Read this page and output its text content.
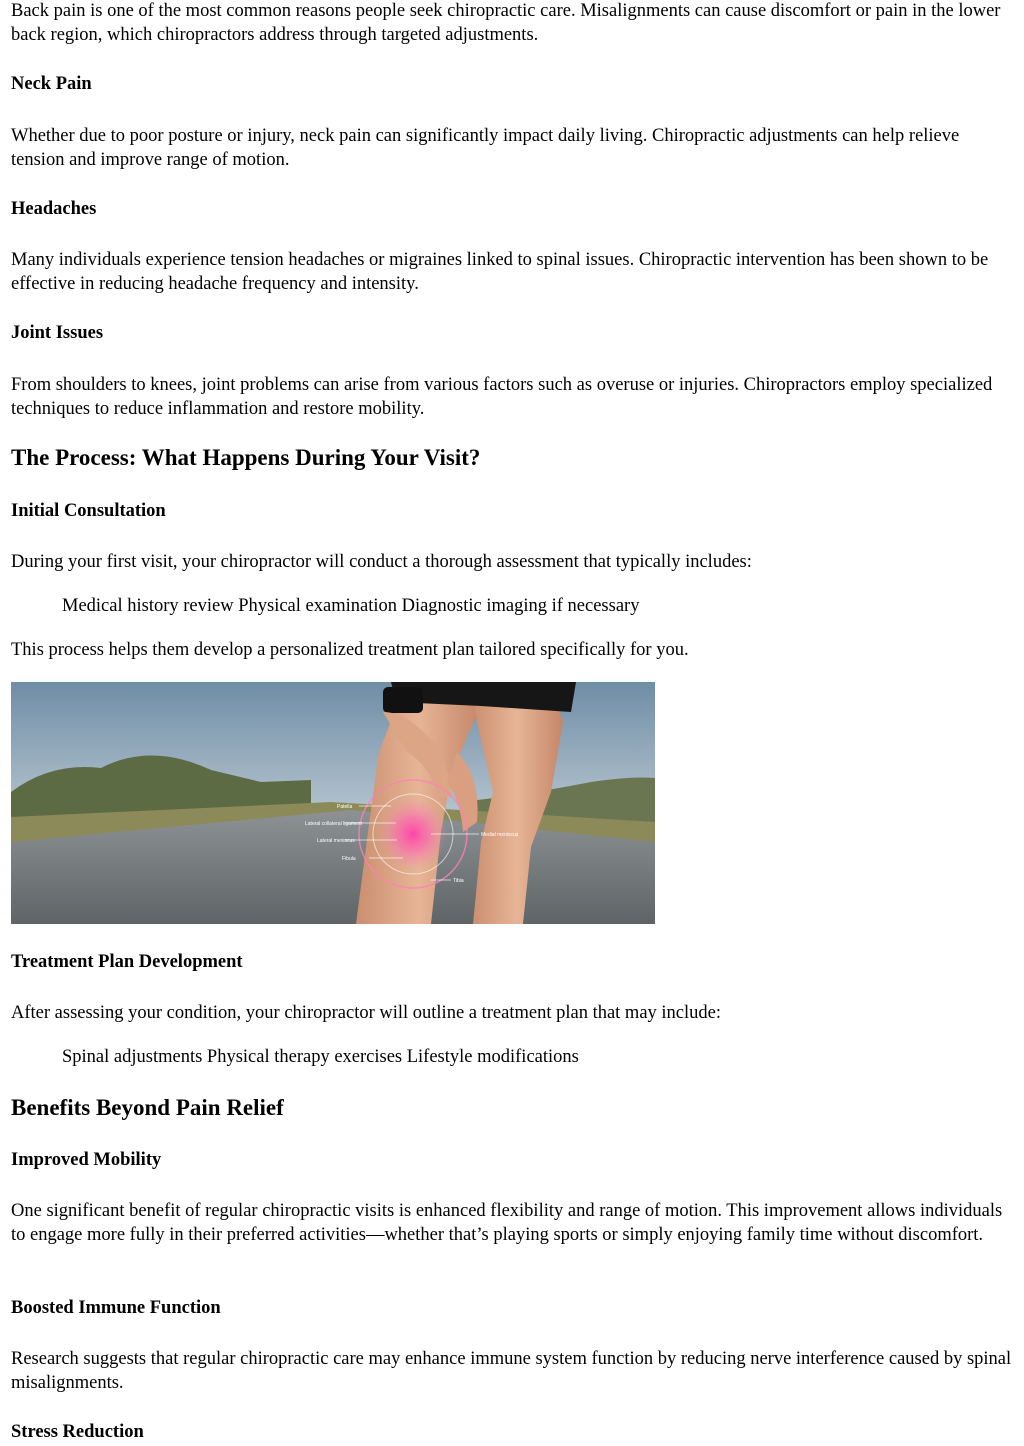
Back pain is one of the most common reasons people seek chiropractic care. Misalignments can cause discomfort or pain in the lower back region, which chiropractors address through targeted adjustments.

Neck Pain

Whether due to poor posture or injury, neck pain can significantly impact daily living. Chiropractic adjustments can help relieve tension and improve range of motion.

Headaches

Many individuals experience tension headaches or migraines linked to spinal issues. Chiropractic intervention has been shown to be effective in reducing headache frequency and intensity.

Joint Issues

From shoulders to knees, joint problems can arise from various factors such as overuse or injuries. Chiropractors employ specialized techniques to reduce inflammation and restore mobility.

The Process: What Happens During Your Visit?
Initial Consultation

During your first visit, your chiropractor will conduct a thorough assessment that typically includes:

Medical history review Physical examination Diagnostic imaging if necessary

This process helps them develop a personalized treatment plan tailored specifically for you.

Patella
Lateral collateral ligament
Lateral meniscus
Fibula
Medial meniscus
Tibia
Treatment Plan Development

After assessing your condition, your chiropractor will outline a treatment plan that may include:

Spinal adjustments Physical therapy exercises Lifestyle modifications

Benefits Beyond Pain Relief
Improved Mobility

One significant benefit of regular chiropractic visits is enhanced flexibility and range of motion. This improvement allows individuals to engage more fully in their preferred activities—whether that’s playing sports or simply enjoying family time without discomfort.

Boosted Immune Function

Research suggests that regular chiropractic care may enhance immune system function by reducing nerve interference caused by spinal misalignments.

Stress Reduction
